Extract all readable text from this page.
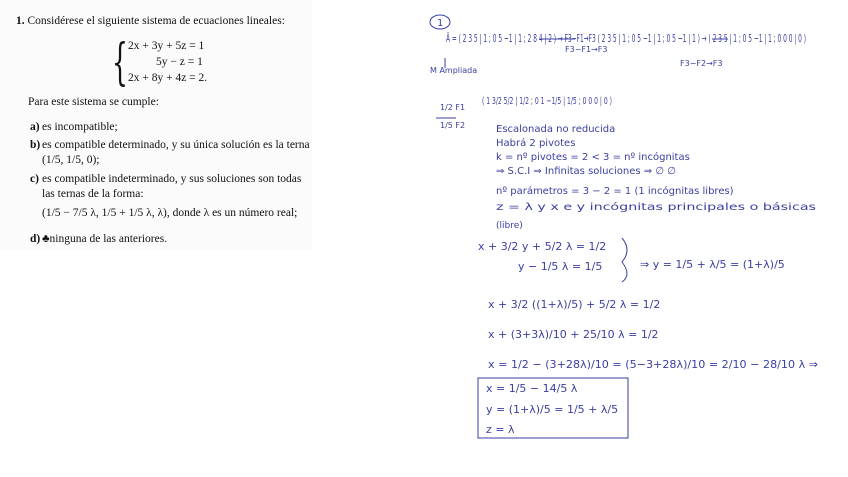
1. Considérese el siguiente sistema de ecuaciones lineales:
{ 2x + 3y + 5z = 1
5y − z = 1
2x + 8y + 4z = 2.
Para este sistema se cumple:
a) es incompatible;
b) es compatible determinado, y su única solución es la terna (1/5, 1/5, 0);
c) es compatible indeterminado, y sus soluciones son todas las ternas de la forma:
(1/5 − 7/5 λ, 1/5 + 1/5 λ, λ), donde λ es un número real;
d) ♣ninguna de las anteriores.
1
Â = ( 2 3 5 | 1 ; 0 5 −1 | 1 ; 2 8 4 | 2 ) → F3−F1→F3 ( 2 3 5 | 1 ; 0 5 −1 | 1 ; 0 5 −1 | 1 ) → ( 2 3 5 | 1 ; 0 5 −1 | 1 ; 0 0 0 | 0 )
F3−F1→F3
F3−F2→F3
M Ampliada
1/2 F1
1/5 F2
( 1 3/2 5/2 | 1/2 ; 0 1 −1/5 | 1/5 ; 0 0 0 | 0 )
Escalonada no reducida
Habrá 2 pivotes
k = nº pivotes = 2 < 3 = nº incógnitas
⇒ S.C.I ⇒ Infinitas soluciones ⇒ ∅ ∅
nº parámetros = 3 − 2 = 1 (1 incógnitas libres)
z = λ y x e y incógnitas principales o básicas
(libre)
x + 3/2 y + 5/2 λ = 1/2
y − 1/5 λ = 1/5	⇒ y = 1/5 + λ/5 = (1+λ)/5
x + 3/2 ((1+λ)/5) + 5/2 λ = 1/2
x + (3+3λ)/10 + 25/10 λ = 1/2
x = 1/2 − (3+28λ)/10 = (5−3+28λ)/10 = 2/10 − 28/10 λ ⇒
x = 1/5 − 14/5 λ
y = (1+λ)/5 = 1/5 + λ/5
z = λ
